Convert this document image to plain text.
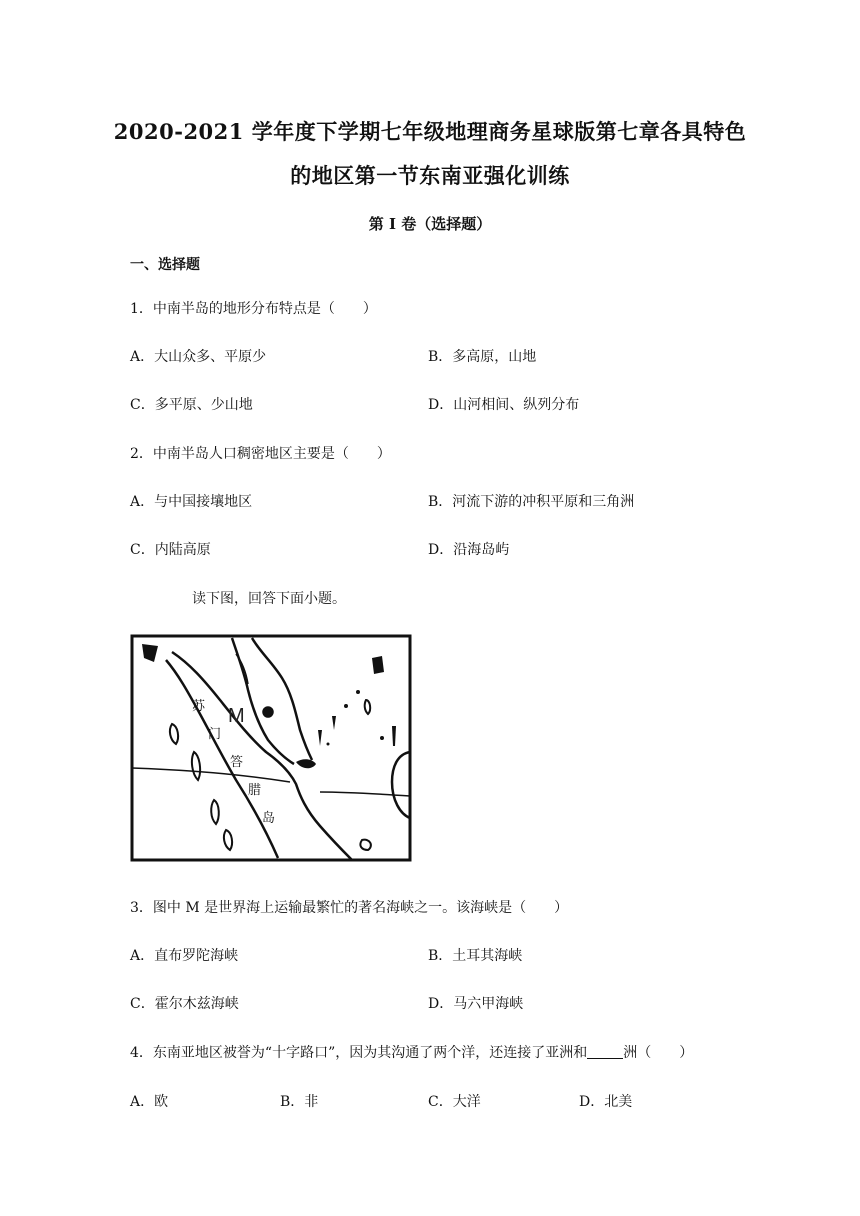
2020-2021 学年度下学期七年级地理商务星球版第七章各具特色
的地区第一节东南亚强化训练
第 I 卷（选择题）
一、选择题
1．中南半岛的地形分布特点是（　　）
A．大山众多、平原少	B．多高原，山地
C．多平原、少山地	D．山河相间、纵列分布
2．中南半岛人口稠密地区主要是（　　）
A．与中国接壤地区	B．河流下游的冲积平原和三角洲
C．内陆高原	D．沿海岛屿
读下图，回答下面小题。
M
苏
门
答
腊
岛
3．图中 M 是世界海上运输最繁忙的著名海峡之一。该海峡是（　　）
A．直布罗陀海峡	B．土耳其海峡
C．霍尔木兹海峡	D．马六甲海峡
4．东南亚地区被誉为“十字路口”，因为其沟通了两个洋，还连接了亚洲和	洲（　　）
A．欧	B．非	C．大洋	D．北美
